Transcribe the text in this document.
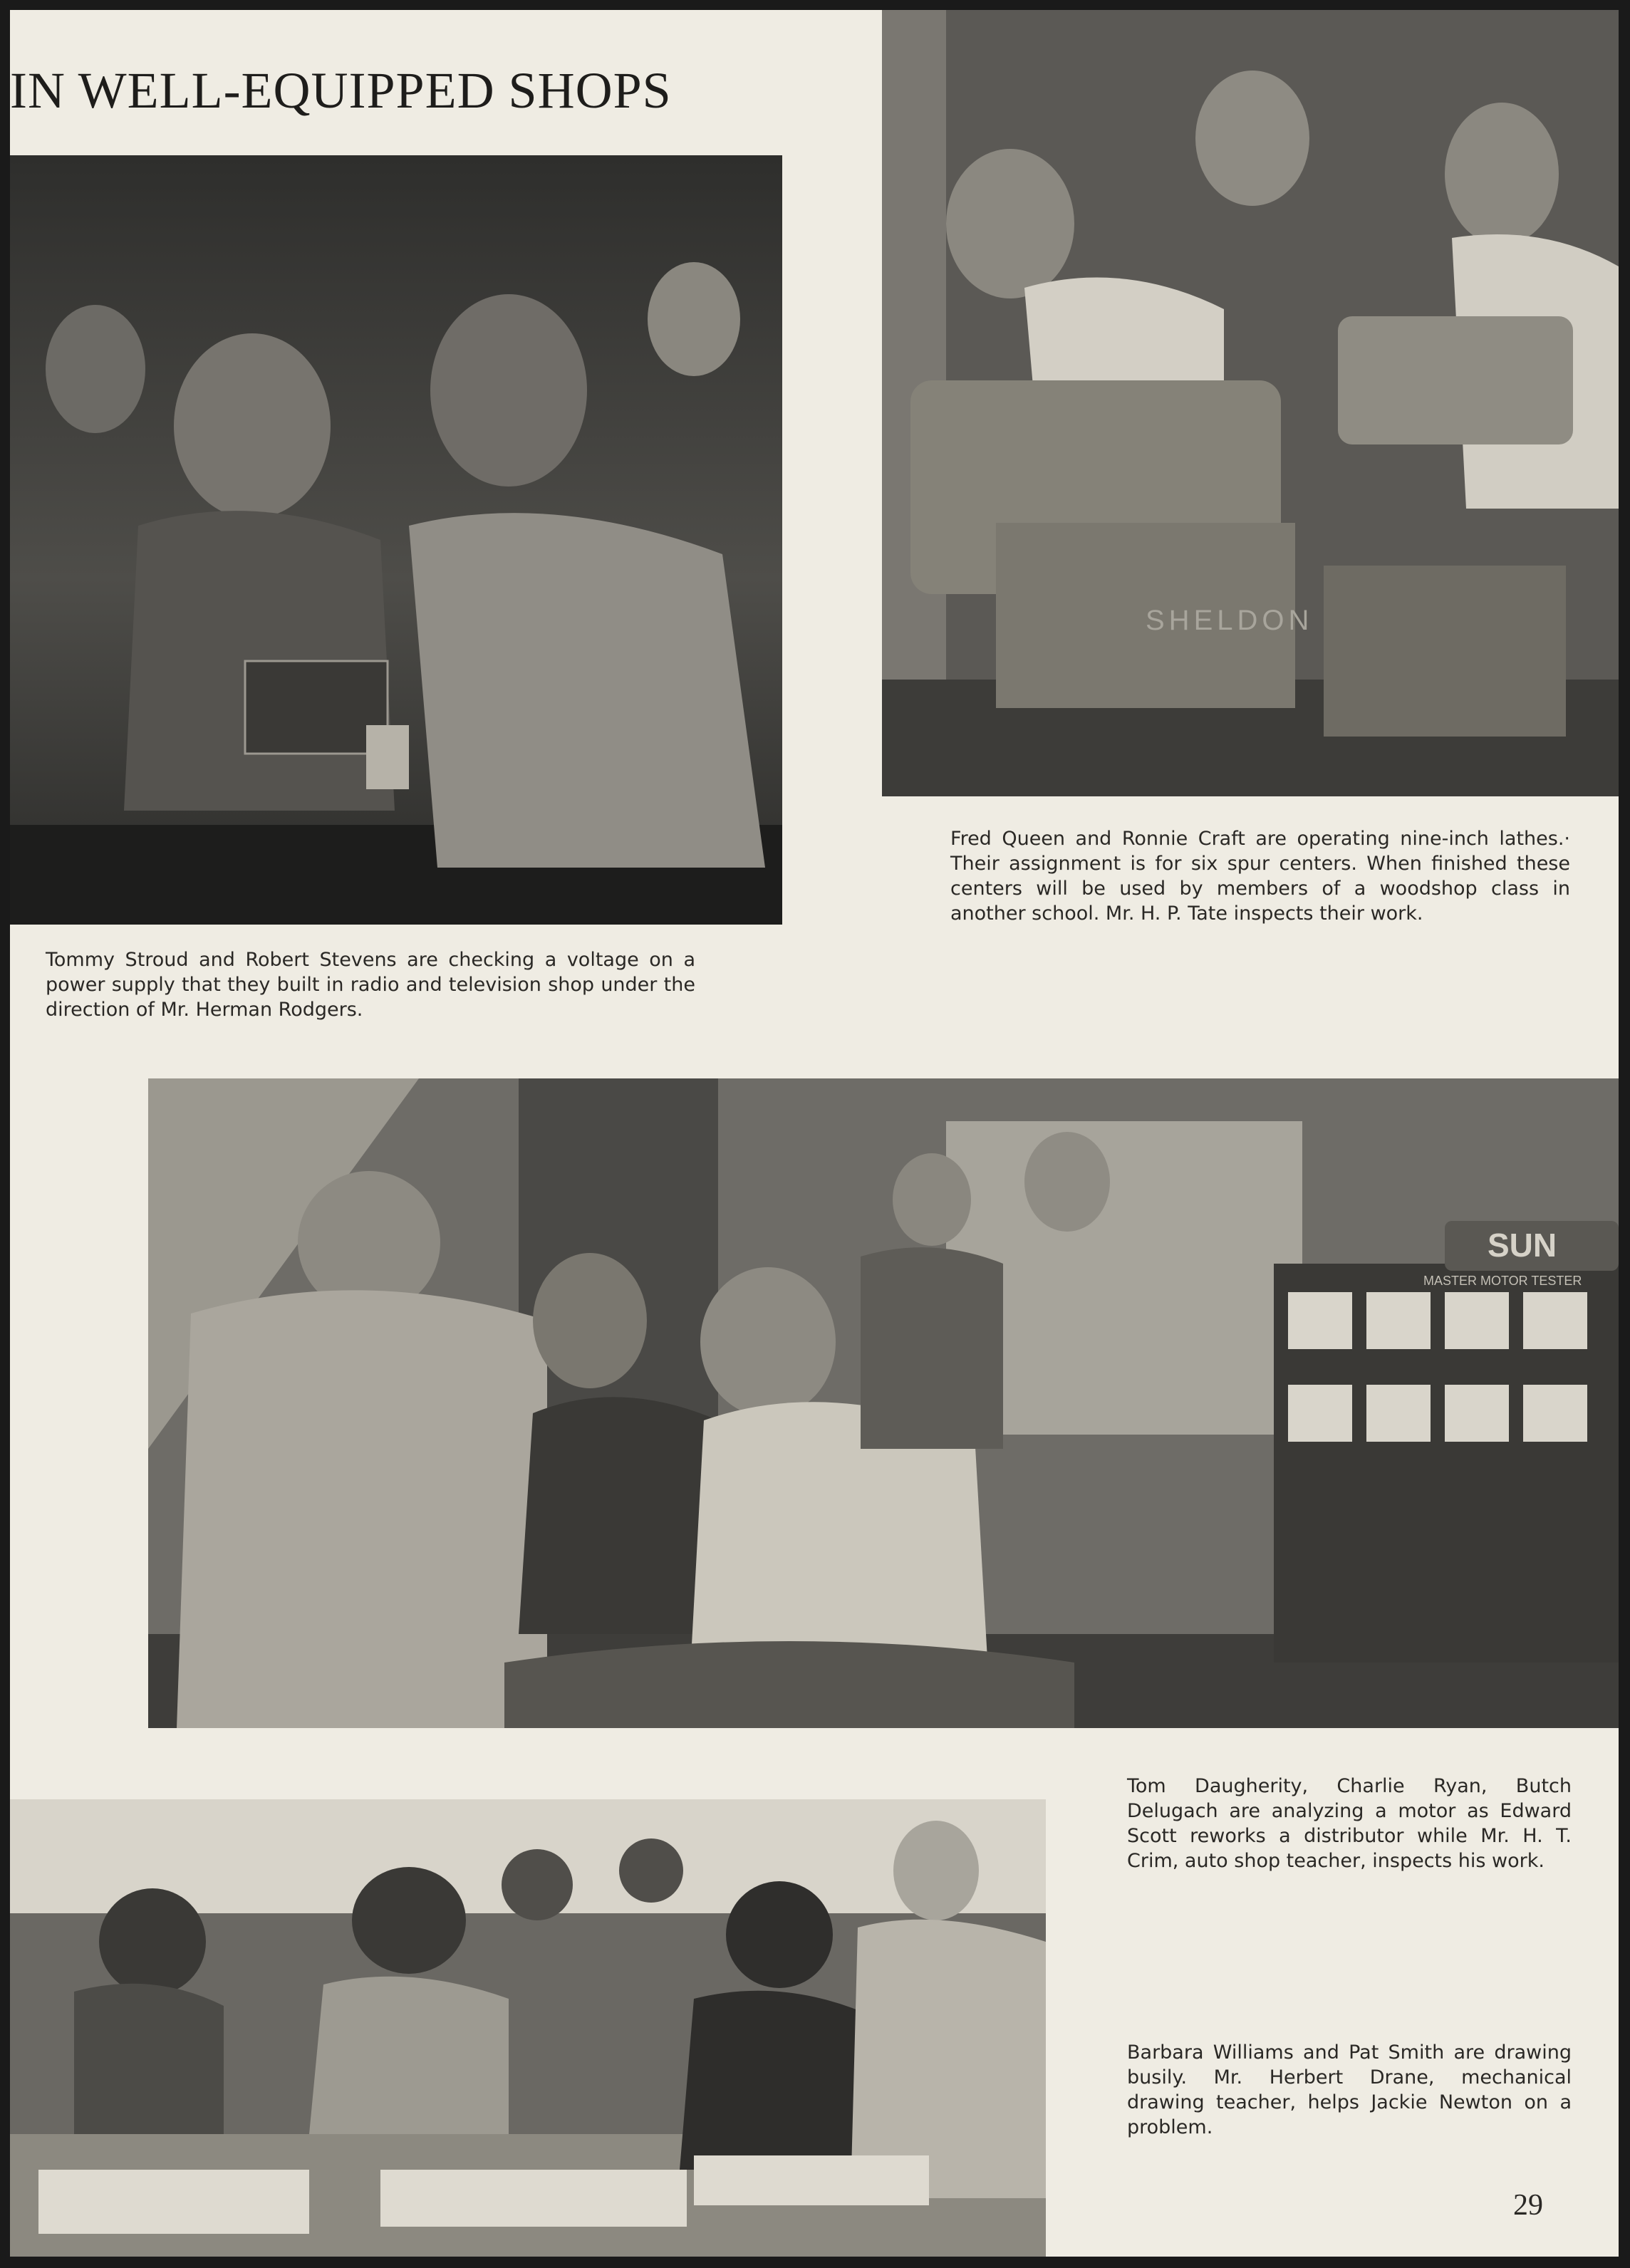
IN WELL-EQUIPPED SHOPS
SHELDON

Fred Queen and Ronnie Craft are operating nine-inch lathes.· Their assignment is for six spur centers. When finished these centers will be used by members of a woodshop class in another school. Mr. H. P. Tate inspects their work.

Tommy Stroud and Robert Stevens are checking a voltage on a power supply that they built in radio and television shop under the direction of Mr. Herman Rodgers.

SUN
MASTER MOTOR TESTER

Tom Daugherity, Charlie Ryan, Butch Delugach are analyzing a motor as Edward Scott reworks a distributor while Mr. H. T. Crim, auto shop teacher, inspects his work.

Barbara Williams and Pat Smith are drawing busily. Mr. Herbert Drane, mechanical drawing teacher, helps Jackie Newton on a problem.

29
